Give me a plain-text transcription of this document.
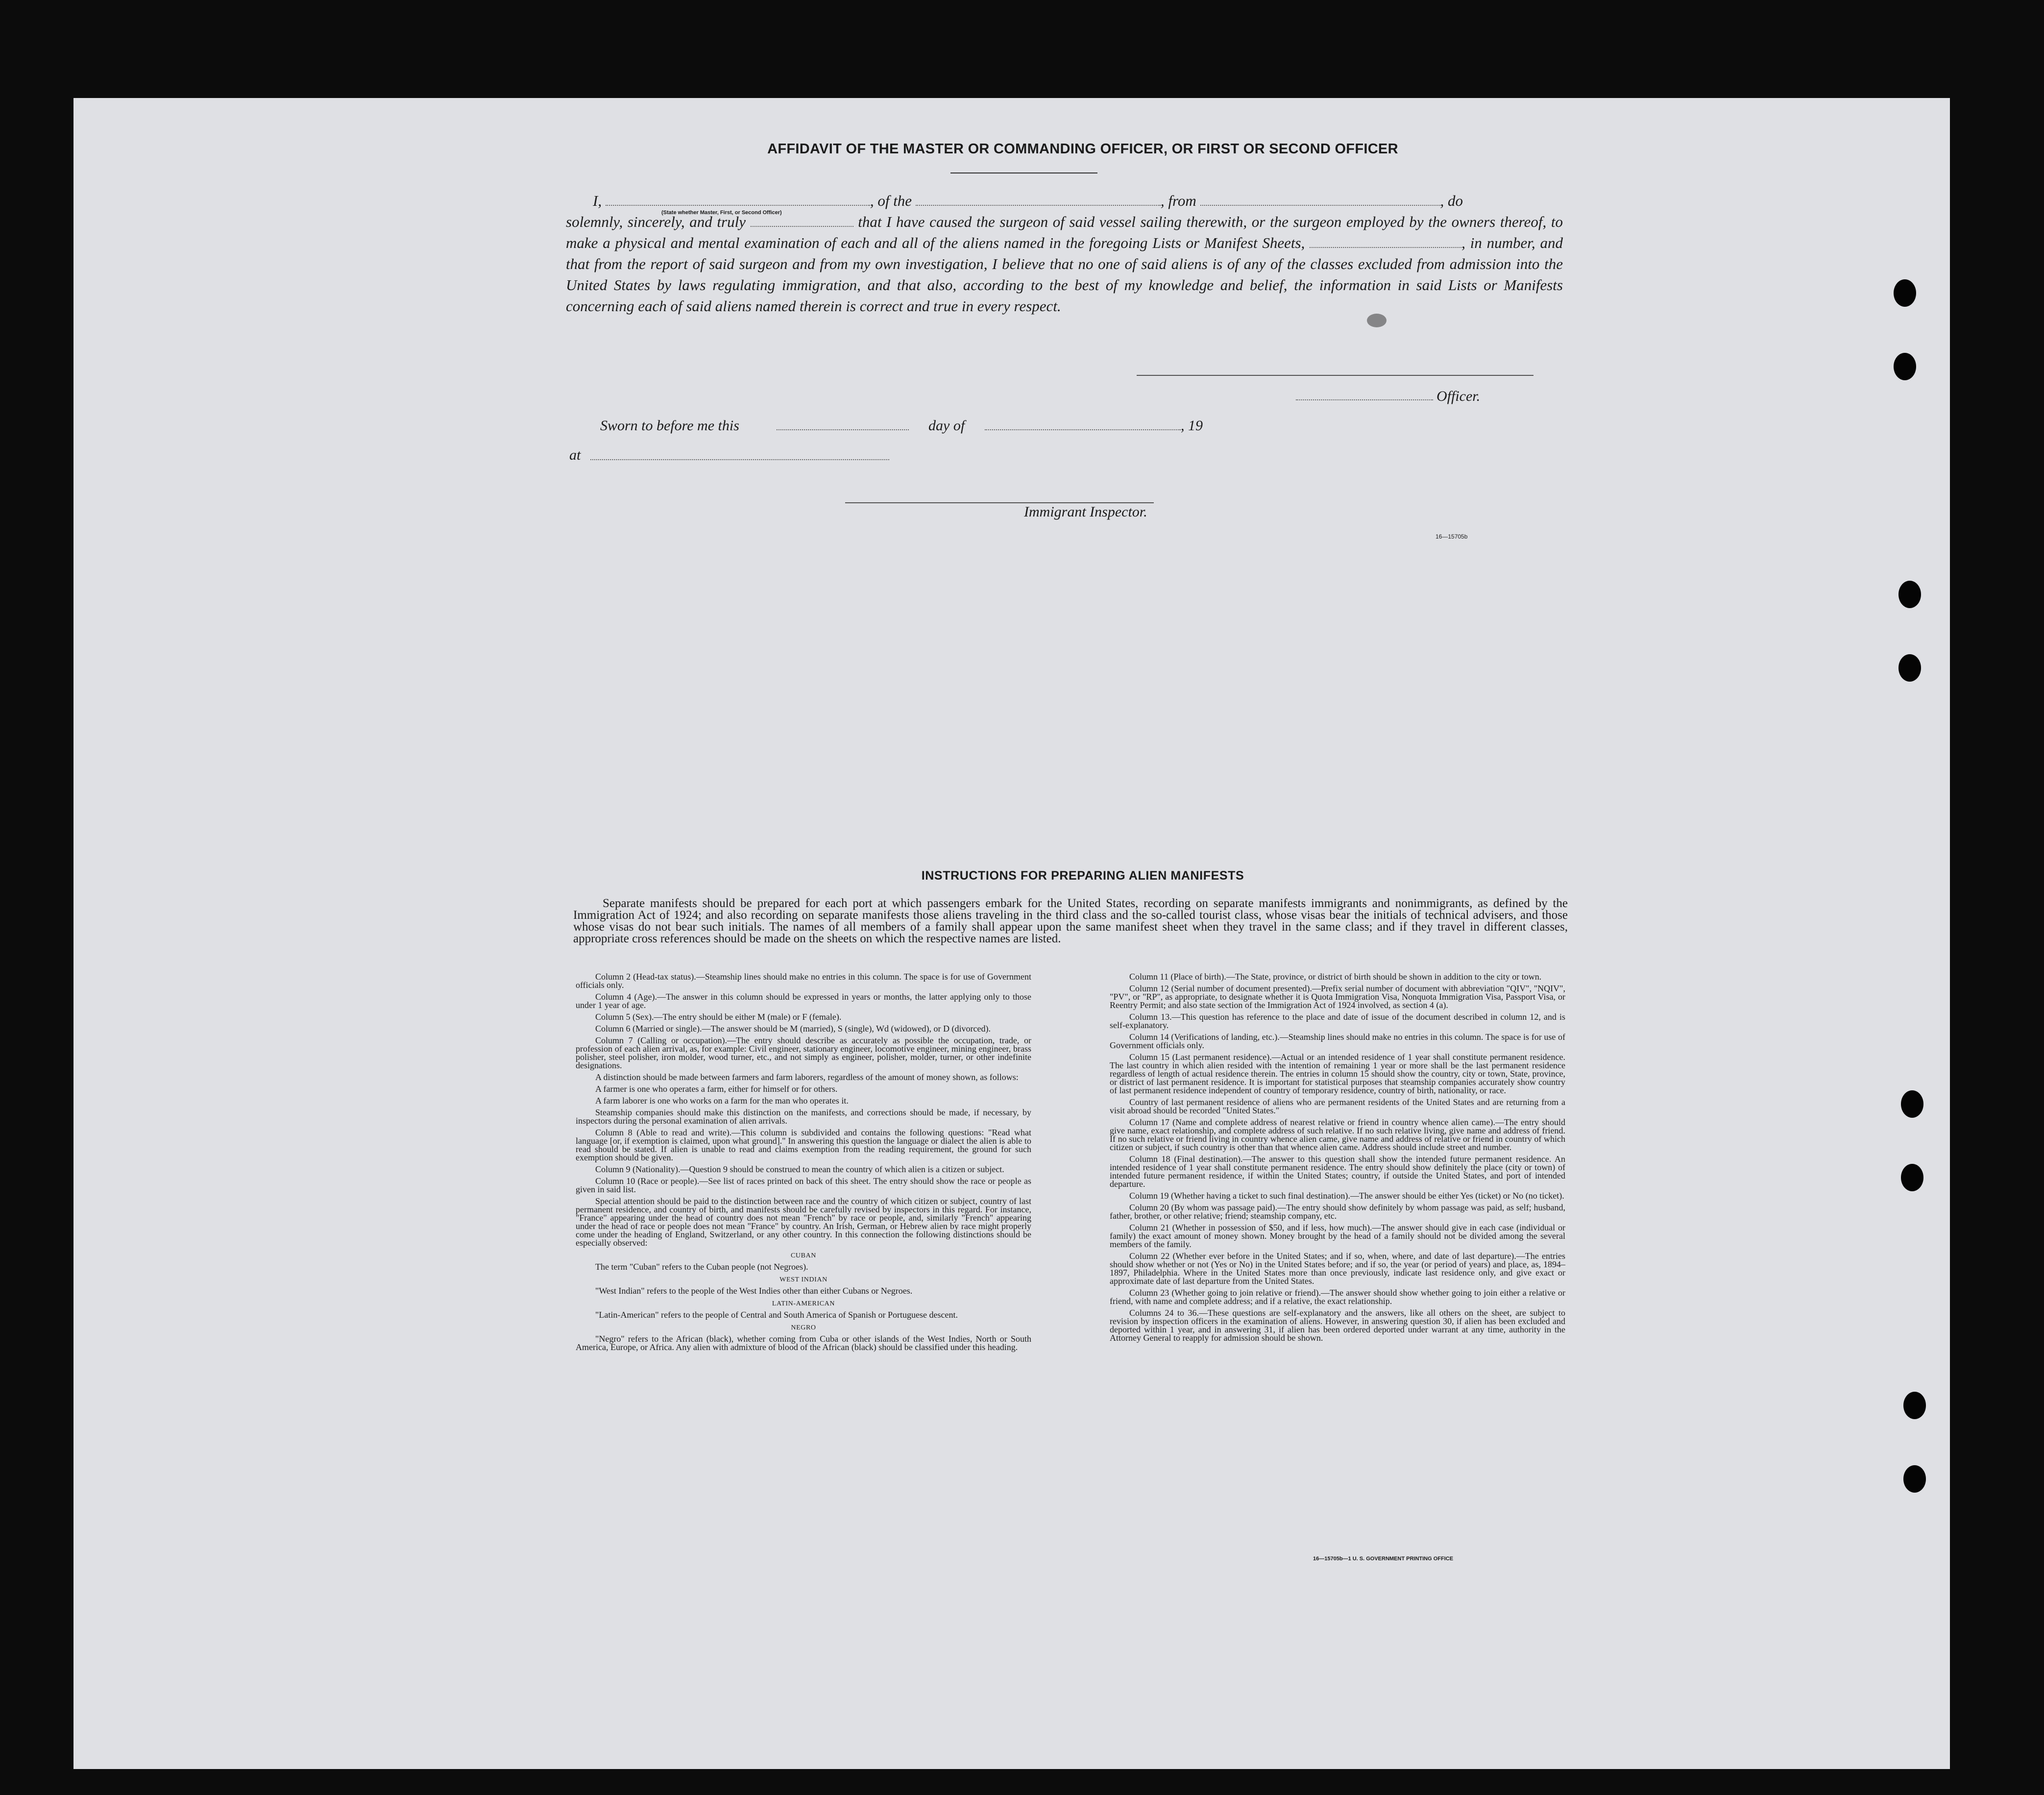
AFFIDAVIT OF THE MASTER OR COMMANDING OFFICER, OR FIRST OR SECOND OFFICER
(State whether Master, First, or Second Officer)
I,	, of the	, from	, do
solemnly, sincerely, and truly	that I have caused the surgeon of said vessel sailing therewith, or the surgeon employed by the owners thereof, to make a physical and mental examination of each and all of the aliens named in the foregoing Lists or Manifest Sheets,	, in number, and that from the report of said surgeon and from my own investigation, I believe that no one of said aliens is of any of the classes excluded from admission into the United States by laws regulating immigration, and that also, according to the best of my knowledge and belief, the information in said Lists or Manifests concerning each of said aliens named therein is correct and true in every respect.
Officer.
Sworn to before me this	day of	, 19
at
Immigrant Inspector.
16—15705b
INSTRUCTIONS FOR PREPARING ALIEN MANIFESTS
Separate manifests should be prepared for each port at which passengers embark for the United States, recording on separate manifests immigrants and nonimmigrants, as defined by the Immigration Act of 1924; and also recording on separate manifests those aliens traveling in the third class and the so-called tourist class, whose visas bear the initials of technical advisers, and those whose visas do not bear such initials. The names of all members of a family shall appear upon the same manifest sheet when they travel in the same class; and if they travel in different classes, appropriate cross references should be made on the sheets on which the respective names are listed.

Column 2 (Head-tax status).—Steamship lines should make no entries in this column. The space is for use of Government officials only.

Column 4 (Age).—The answer in this column should be expressed in years or months, the latter applying only to those under 1 year of age.

Column 5 (Sex).—The entry should be either M (male) or F (female).

Column 6 (Married or single).—The answer should be M (married), S (single), Wd (widowed), or D (divorced).

Column 7 (Calling or occupation).—The entry should describe as accurately as possible the occupation, trade, or profession of each alien arrival, as, for example: Civil engineer, stationary engineer, locomotive engineer, mining engineer, brass polisher, steel polisher, iron molder, wood turner, etc., and not simply as engineer, polisher, molder, turner, or other indefinite designations.

A distinction should be made between farmers and farm laborers, regardless of the amount of money shown, as follows:

A farmer is one who operates a farm, either for himself or for others.

A farm laborer is one who works on a farm for the man who operates it.

Steamship companies should make this distinction on the manifests, and corrections should be made, if necessary, by inspectors during the personal examination of alien arrivals.

Column 8 (Able to read and write).—This column is subdivided and contains the following questions: "Read what language [or, if exemption is claimed, upon what ground]." In answering this question the language or dialect the alien is able to read should be stated. If alien is unable to read and claims exemption from the reading requirement, the ground for such exemption should be given.

Column 9 (Nationality).—Question 9 should be construed to mean the country of which alien is a citizen or subject.

Column 10 (Race or people).—See list of races printed on back of this sheet. The entry should show the race or people as given in said list.

Special attention should be paid to the distinction between race and the country of which citizen or subject, country of last permanent residence, and country of birth, and manifests should be carefully revised by inspectors in this regard. For instance, "France" appearing under the head of country does not mean "French" by race or people, and, similarly "French" appearing under the head of race or people does not mean "France" by country. An Irish, German, or Hebrew alien by race might properly come under the heading of England, Switzerland, or any other country. In this connection the following distinctions should be especially observed:

CUBAN

The term "Cuban" refers to the Cuban people (not Negroes).

WEST INDIAN

"West Indian" refers to the people of the West Indies other than either Cubans or Negroes.

LATIN-AMERICAN

"Latin-American" refers to the people of Central and South America of Spanish or Portuguese descent.

NEGRO

"Negro" refers to the African (black), whether coming from Cuba or other islands of the West Indies, North or South America, Europe, or Africa. Any alien with admixture of blood of the African (black) should be classified under this heading.

Column 11 (Place of birth).—The State, province, or district of birth should be shown in addition to the city or town.

Column 12 (Serial number of document presented).—Prefix serial number of document with abbreviation "QIV", "NQIV", "PV", or "RP", as appropriate, to designate whether it is Quota Immigration Visa, Nonquota Immigration Visa, Passport Visa, or Reentry Permit; and also state section of the Immigration Act of 1924 involved, as section 4 (a).

Column 13.—This question has reference to the place and date of issue of the document described in column 12, and is self-explanatory.

Column 14 (Verifications of landing, etc.).—Steamship lines should make no entries in this column. The space is for use of Government officials only.

Column 15 (Last permanent residence).—Actual or an intended residence of 1 year shall constitute permanent residence. The last country in which alien resided with the intention of remaining 1 year or more shall be the last permanent residence regardless of length of actual residence therein. The entries in column 15 should show the country, city or town, State, province, or district of last permanent residence. It is important for statistical purposes that steamship companies accurately show country of last permanent residence independent of country of temporary residence, country of birth, nationality, or race.

Country of last permanent residence of aliens who are permanent residents of the United States and are returning from a visit abroad should be recorded "United States."

Column 17 (Name and complete address of nearest relative or friend in country whence alien came).—The entry should give name, exact relationship, and complete address of such relative. If no such relative living, give name and address of friend. If no such relative or friend living in country whence alien came, give name and address of relative or friend in country of which citizen or subject, if such country is other than that whence alien came. Address should include street and number.

Column 18 (Final destination).—The answer to this question shall show the intended future permanent residence. An intended residence of 1 year shall constitute permanent residence. The entry should show definitely the place (city or town) of intended future permanent residence, if within the United States; country, if outside the United States, and port of intended departure.

Column 19 (Whether having a ticket to such final destination).—The answer should be either Yes (ticket) or No (no ticket).

Column 20 (By whom was passage paid).—The entry should show definitely by whom passage was paid, as self; husband, father, brother, or other relative; friend; steamship company, etc.

Column 21 (Whether in possession of $50, and if less, how much).—The answer should give in each case (individual or family) the exact amount of money shown. Money brought by the head of a family should not be divided among the several members of the family.

Column 22 (Whether ever before in the United States; and if so, when, where, and date of last departure).—The entries should show whether or not (Yes or No) in the United States before; and if so, the year (or period of years) and place, as, 1894–1897, Philadelphia. Where in the United States more than once previously, indicate last residence only, and give exact or approximate date of last departure from the United States.

Column 23 (Whether going to join relative or friend).—The answer should show whether going to join either a relative or friend, with name and complete address; and if a relative, the exact relationship.

Columns 24 to 36.—These questions are self-explanatory and the answers, like all others on the sheet, are subject to revision by inspection officers in the examination of aliens. However, in answering question 30, if alien has been excluded and deported within 1 year, and in answering 31, if alien has been ordered deported under warrant at any time, authority in the Attorney General to reapply for admission should be shown.

16—15705b—1 U. S. GOVERNMENT PRINTING OFFICE
